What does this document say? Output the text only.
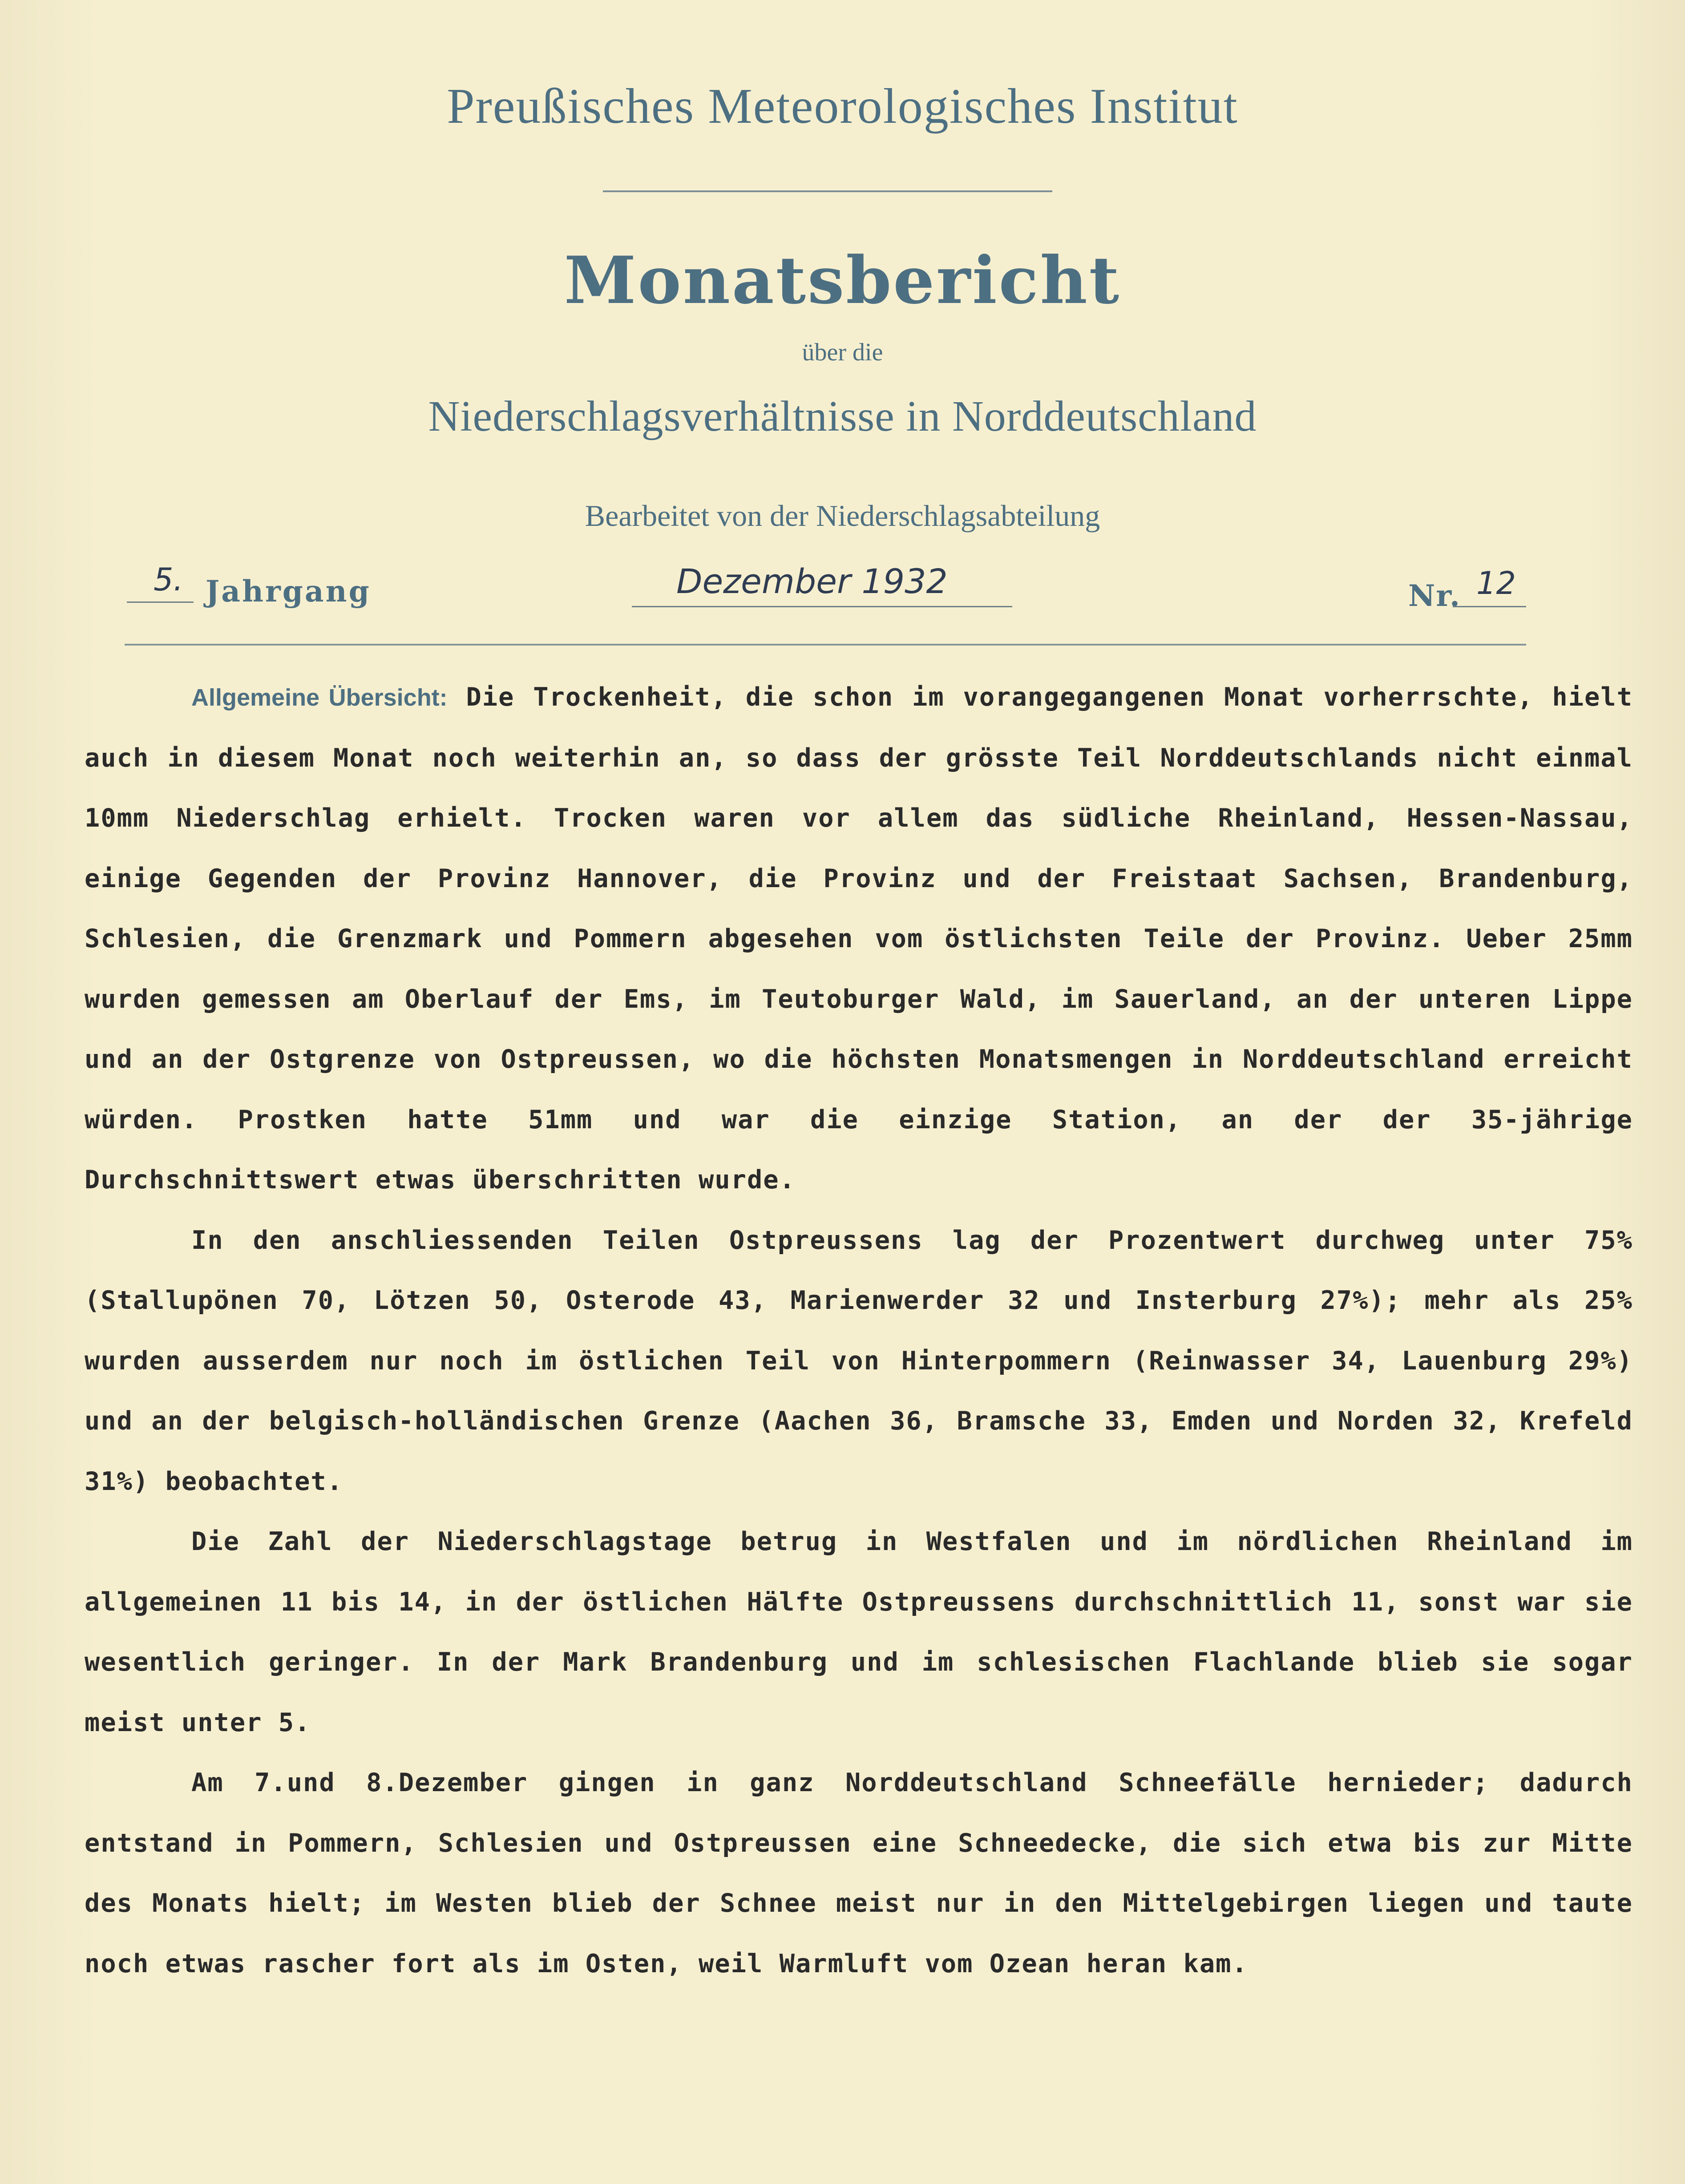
Preußisches Meteorologisches Institut
Monatsbericht
über die
Niederschlagsverhältnisse in Norddeutschland
Bearbeitet von der Niederschlagsabteilung
5. Jahrgang	Dezember 1932	Nr. 12

Allgemeine Übersicht: Die Trockenheit, die schon im vorangegangenen Monat vorherrschte, hielt auch in diesem Monat noch weiterhin an, so dass der grösste Teil Norddeutschlands nicht einmal 10mm Niederschlag erhielt. Trocken waren vor allem das südliche Rheinland, Hessen-Nassau, einige Gegenden der Provinz Hannover, die Provinz und der Freistaat Sachsen, Brandenburg, Schlesien, die Grenzmark und Pommern abgesehen vom östlichsten Teile der Provinz. Ueber 25mm wurden gemessen am Oberlauf der Ems, im Teutoburger Wald, im Sauerland, an der unteren Lippe und an der Ostgrenze von Ostpreussen, wo die höchsten Monatsmengen in Norddeutschland erreicht würden. Prostken hatte 51mm und war die einzige Station, an der der 35-jährige Durchschnittswert etwas überschritten wurde.

In den anschliessenden Teilen Ostpreussens lag der Prozentwert durchweg unter 75% (Stallupönen 70, Lötzen 50, Osterode 43, Marienwerder 32 und Insterburg 27%); mehr als 25% wurden ausserdem nur noch im östlichen Teil von Hinterpommern (Reinwasser 34, Lauenburg 29%) und an der belgisch-holländischen Grenze (Aachen 36, Bramsche 33, Emden und Norden 32, Krefeld 31%) beobachtet.

Die Zahl der Niederschlagstage betrug in Westfalen und im nördlichen Rheinland im allgemeinen 11 bis 14, in der östlichen Hälfte Ostpreussens durchschnittlich 11, sonst war sie wesentlich geringer. In der Mark Brandenburg und im schlesischen Flachlande blieb sie sogar meist unter 5.

Am 7.und 8.Dezember gingen in ganz Norddeutschland Schneefälle hernieder; dadurch entstand in Pommern, Schlesien und Ostpreussen eine Schneedecke, die sich etwa bis zur Mitte des Monats hielt; im Westen blieb der Schnee meist nur in den Mittelgebirgen liegen und taute noch etwas rascher fort als im Osten, weil Warmluft vom Ozean heran kam.
